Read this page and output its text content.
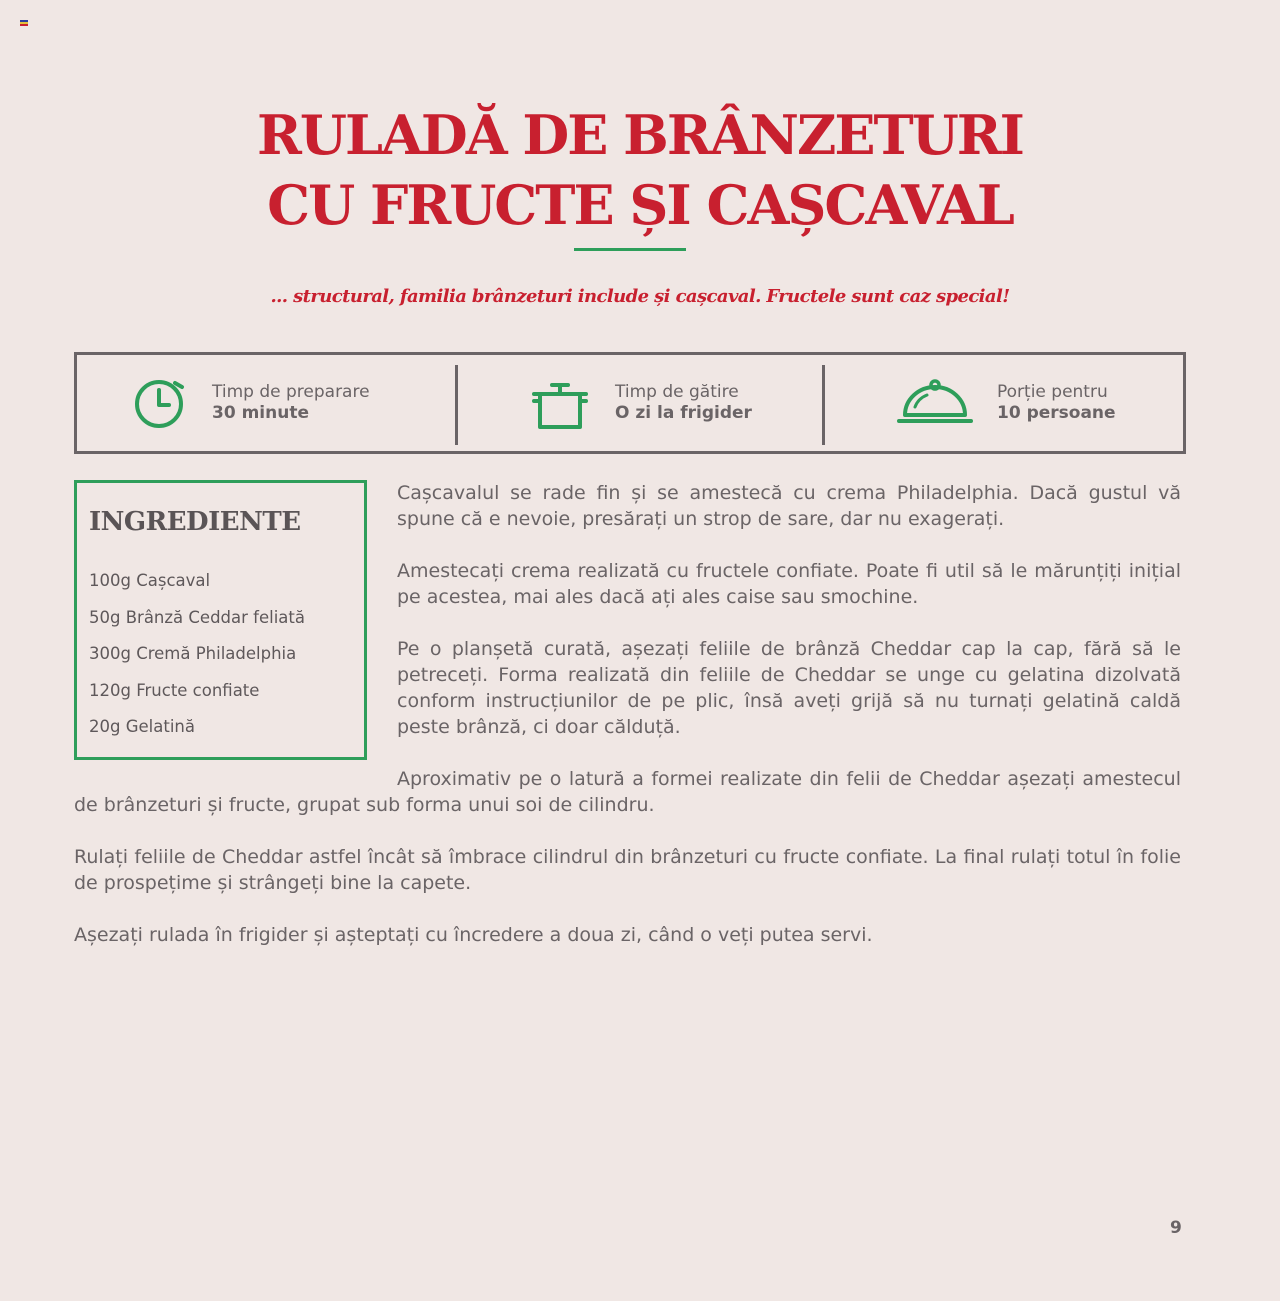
RULADĂ DE BRÂNZETURI
CU FRUCTE ȘI CAȘCAVAL
... structural, familia brânzeturi include și cașcaval. Fructele sunt caz special!
Timp de preparare
30 minute
Timp de gătire
O zi la frigider
Porție pentru
10 persoane
INGREDIENTE
100g Cașcaval
50g Brânză Ceddar feliată
300g Cremă Philadelphia
120g Fructe confiate
20g Gelatină

Cașcavalul se rade fin și se amestecă cu crema Philadelphia. Dacă gustul vă spune că e nevoie, presărați un strop de sare, dar nu exagerați.

Amestecați crema realizată cu fructele confiate. Poate fi util să le mărunțiți inițial pe acestea, mai ales dacă ați ales caise sau smochine.

Pe o planșetă curată, așezați feliile de brânză Cheddar cap la cap, fără să le petreceți. Forma realizată din feliile de Cheddar se unge cu gelatina dizolvată conform instrucțiunilor de pe plic, însă aveți grijă să nu turnați gelatină caldă peste brânză, ci doar călduță.

Aproximativ pe o latură a formei realizate din felii de Cheddar așezați amestecul de brânzeturi și fructe, grupat sub forma unui soi de cilindru.

Rulați feliile de Cheddar astfel încât să îmbrace cilindrul din brânzeturi cu fructe confiate. La final rulați totul în folie de prospețime și strângeți bine la capete.

Așezați rulada în frigider și așteptați cu încredere a doua zi, când o veți putea servi.

9
